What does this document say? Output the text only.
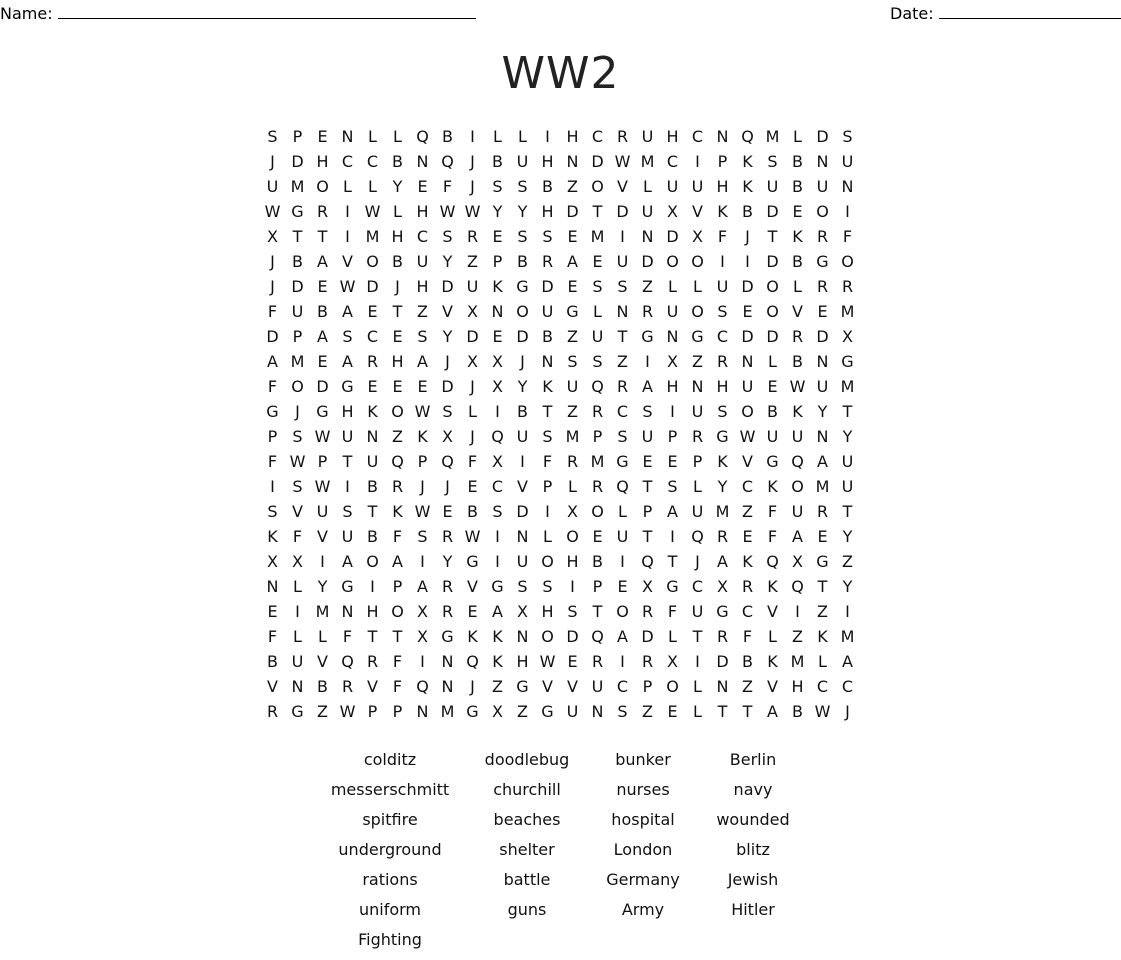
Name:	Date:
WW2
S P E N L	L Q B	I	L	L	I	H C R U H C N Q M L D S
J	D H C C B N Q	J	B U H N D W M C	I	P K S B N U
U M O L	L Y E F	J	S S B Z O V L U U H K U B U N
W G R	I W L H W W Y Y H D T D U X V K B D E O	I
X T T	I M H C S R E S S E M I	N D X F	J	T K R F
J	B A V O B U Y Z P B R A E U D O O	I	I	D B G O
J	D E W D	J	H D U K G D E S S Z L	L U D O L R R
F U B A E T Z V X N O U G L N R U O S E O V E M
D P A S C E S Y D E D B Z U T G N G C D D R D X
A M E A R H A	J	X X	J	N S S Z	I	X Z R N L B N G
F O D G E E E D	J	X Y K U Q R A H N H U E W U M
G	J	G H K O W S L	I	B T Z R C S	I	U S O B K Y T
P S W U N Z K X	J	Q U S M P S U P R G W U U N Y
F W P T U Q P Q F X	I	F R M G E E P K V G Q A U
I	S W I	B R	J	J	E C V P L R Q T S L Y C K O M U
S V U S T K W E B S D	I	X O L P A U M Z F U R T
K F V U B F S R W I	N L O E U T	I	Q R E F A E Y
X X	I	A O A	I	Y G	I	U O H B	I	Q T	J	A K Q X G Z
N L Y G	I	P A R V G S S	I	P E X G C X R K Q T Y
E	I M N H O X R E A X H S T O R F U G C V	I	Z	I
F L	L F T T X G K K N O D Q A D L T R F L Z K M
B U V Q R F	I	N Q K H W E R	I	R X	I	D B K M L A
V N B R V F Q N	J	Z G V V U C P O L N Z V H C C
R G Z W P P N M G X Z G U N S Z E L T T A B W J
colditz	doodlebug	bunker	Berlin
messerschmitt	churchill	nurses	navy
spitfire	beaches	hospital	wounded
underground	shelter	London	blitz
rations	battle	Germany	Jewish
uniform	guns	Army	Hitler
Fighting
